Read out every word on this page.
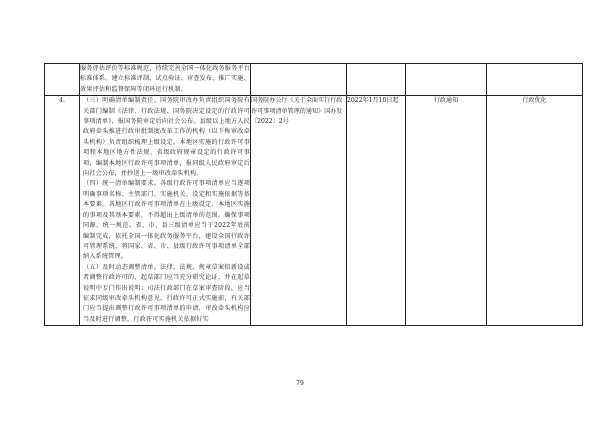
	服务评估评价等标准规范，持续完善全国一体化政务服务平台标准体系，建立标准评制、试点验证、审查发布、推广实施、效果评估和监督保障等闭环运行机制。				

4.	（三）明确清单编制责任。国务院审改办负责组织国务院有关部门编制《法律、行政法规、国务院决定设定的行政许可事项清单》，报国务院审定后向社会公布。县级以上地方人民政府牵头推进行政审批制度改革工作的机构（以下称审改牵头机构）负责组织梳理上级设定、本地区实施的行政许可事项和本地区地方性法规、省级政府规章设定的行政许可事项，编制本地区行政许可事项清单，报同级人民政府审定后向社会公布，并抄送上一级审改牵头机构。

（四）统一清单编制要求。各级行政许可事项清单应当逐项明确事项名称、主管部门、实施机关、设定和实施依据等基本要素。各地区行政许可事项清单在上级设定、本地区实施的事项及其基本要素，不得超出上级清单的范围。确保事项同源、统一规范。省、市、县三级清单应当于2022年底前编制完成，依托全国一体化政务服务平台，建设全国行政许可管理系统，将国家、省、市、县级行政许可事项清单全部纳入系统管理。

（五）及时动态调整清单。法律、法规、规章草案拟新设或者调整行政许可的，起草部门应当充分研究论证，并在起草说明中专门作出说明；司法行政部门在草案审查阶段，应当征求同级审改牵头机构意见。行政许可正式实施前，有关部门应当提出调整行政许可事项清单的申请，审改牵头机构应当及时进行调整，行政许可实施机关依据好实	国务院办公厅《关于全面实行行政许可事项清单管理的通知》国办发〔2022〕2号	2022年1月10日起	行政通知	行政优化
79
